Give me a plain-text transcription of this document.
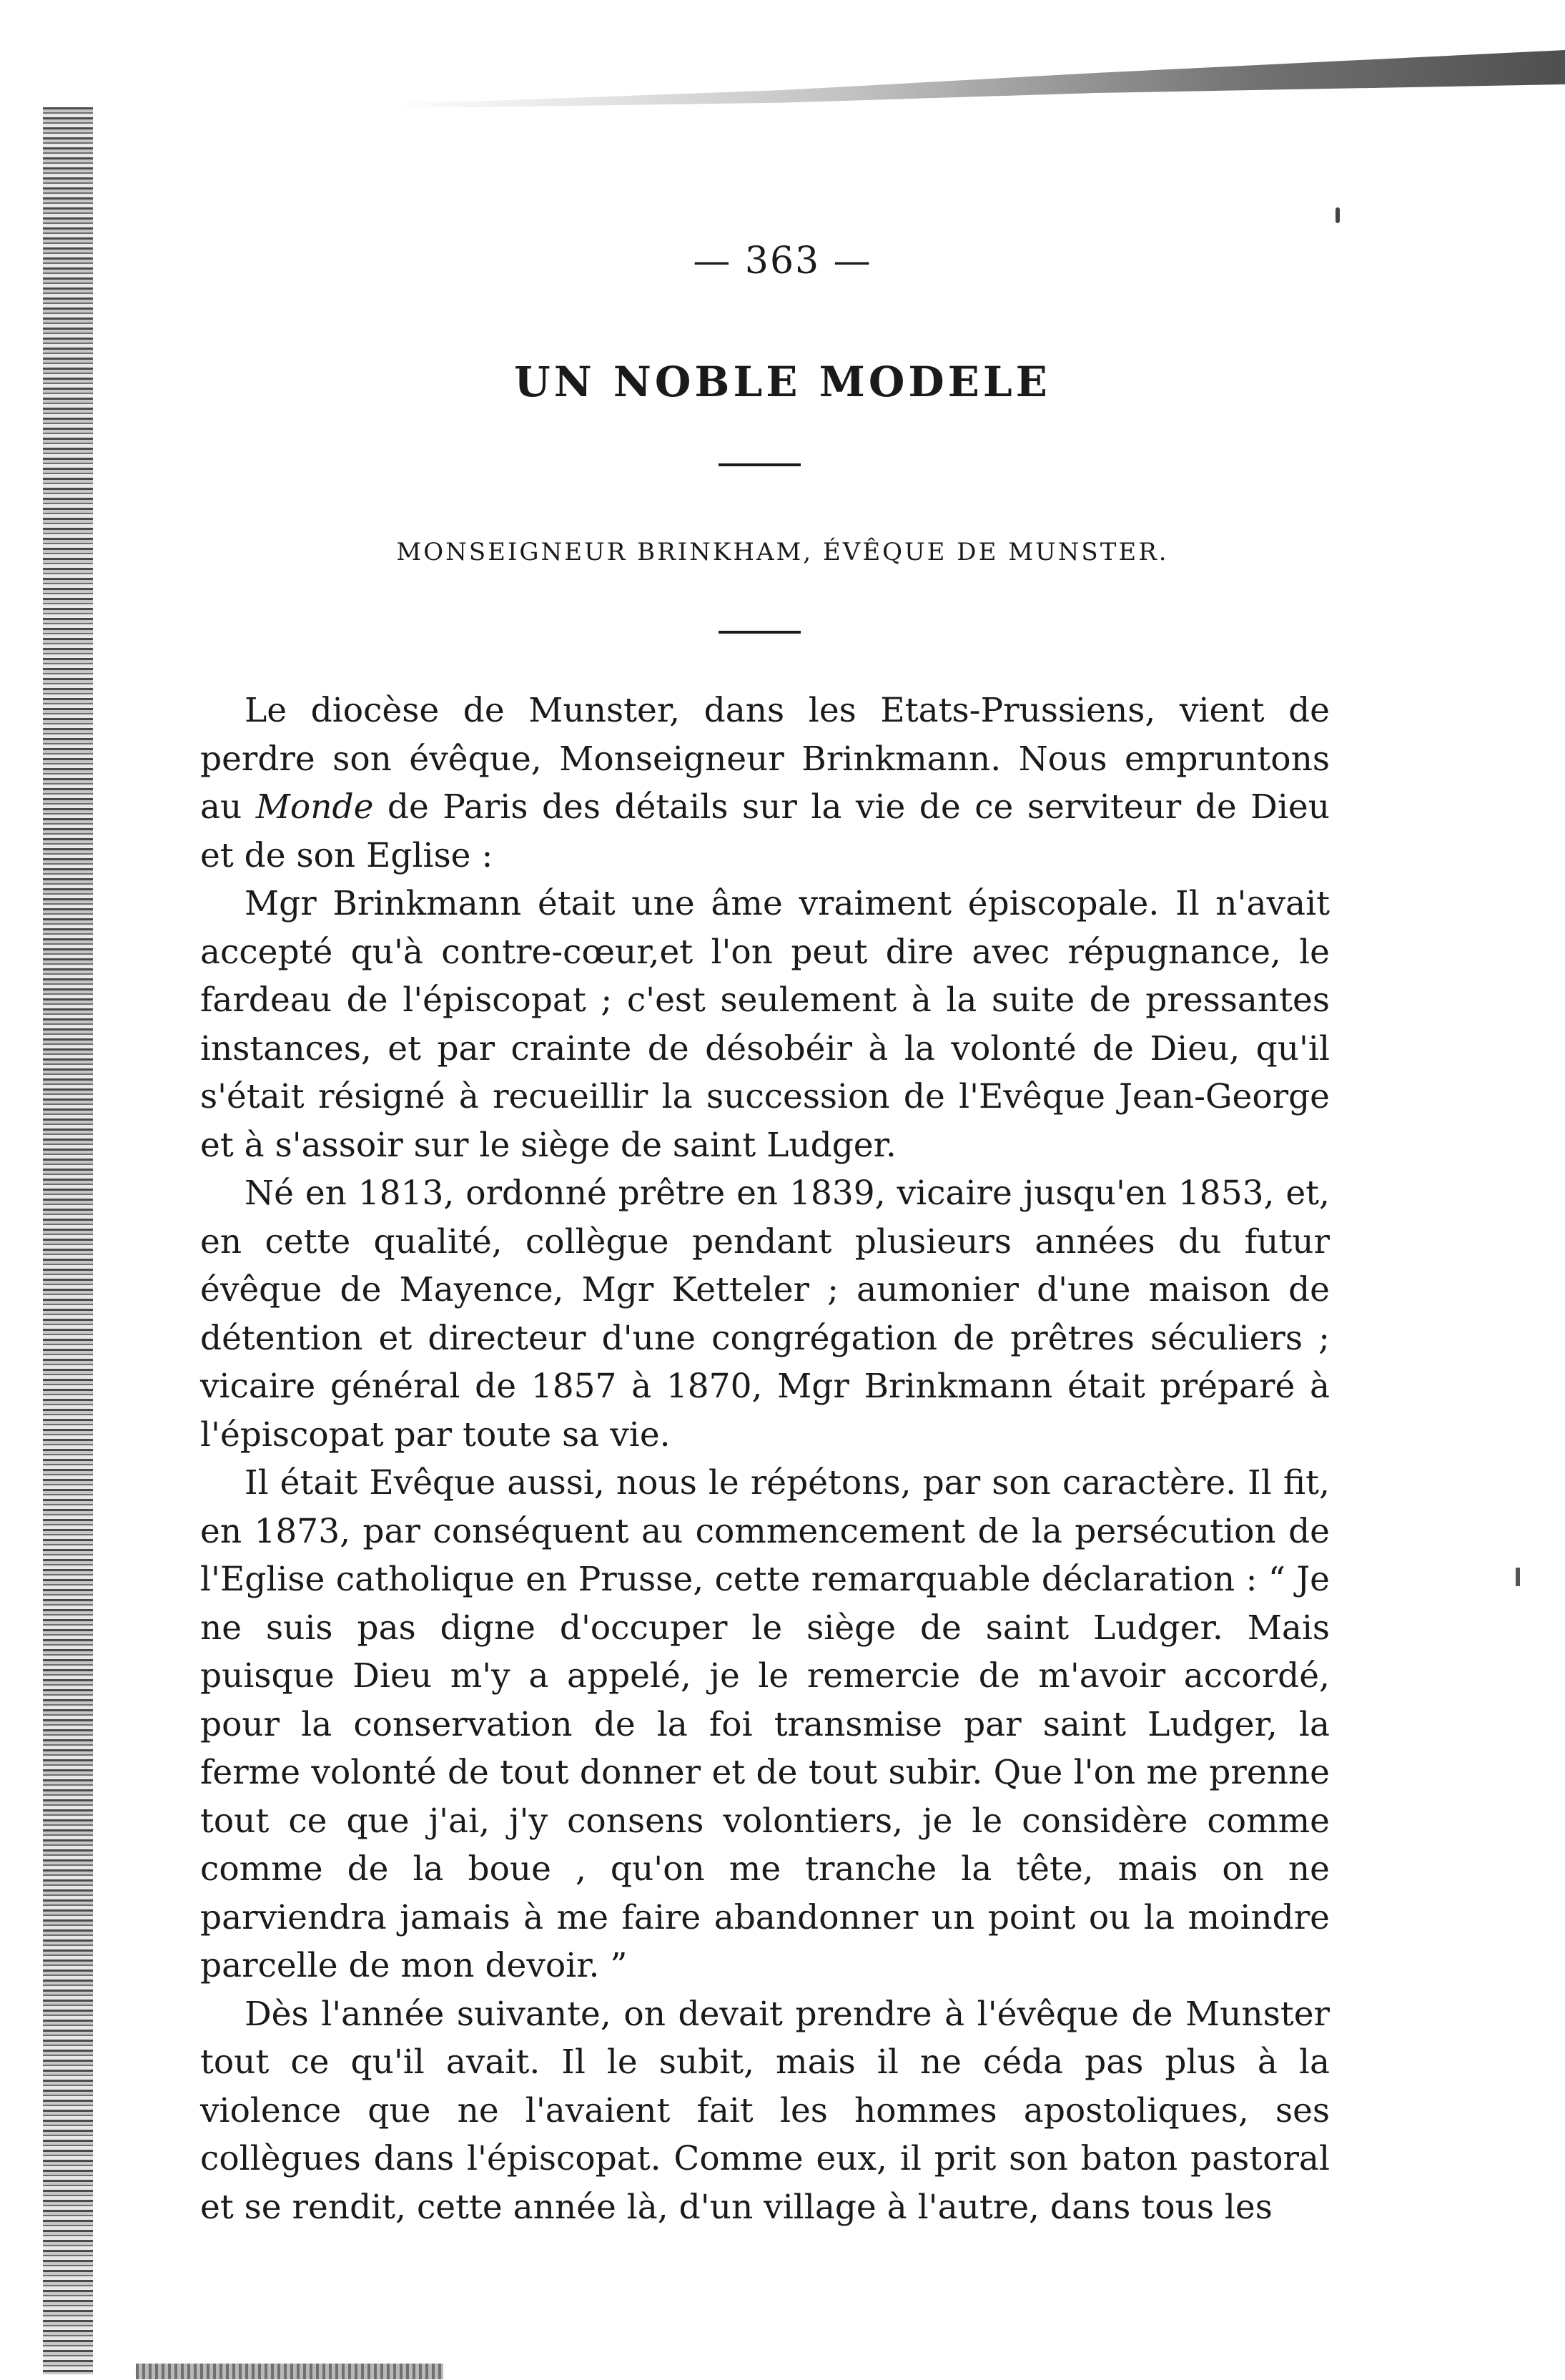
— 363 —
UN NOBLE MODELE
MONSEIGNEUR BRINKHAM, ÉVÊQUE DE MUNSTER.

Le diocèse de Munster, dans les Etats-Prussiens, vient de perdre son évêque, Monseigneur Brinkmann. Nous empruntons au Monde de Paris des détails sur la vie de ce serviteur de Dieu et de son Eglise :

Mgr Brinkmann était une âme vraiment épiscopale. Il n'avait accepté qu'à contre-cœur,et l'on peut dire avec répugnance, le fardeau de l'épiscopat ; c'est seulement à la suite de pressantes instances, et par crainte de désobéir à la volonté de Dieu, qu'il s'était résigné à recueillir la succession de l'Evêque Jean-George et à s'assoir sur le siège de saint Ludger.

Né en 1813, ordonné prêtre en 1839, vicaire jusqu'en 1853, et, en cette qualité, collègue pendant plusieurs années du futur évêque de Mayence, Mgr Ketteler ; aumonier d'une maison de détention et directeur d'une congrégation de prêtres séculiers ; vicaire général de 1857 à 1870, Mgr Brinkmann était préparé à l'épiscopat par toute sa vie.

Il était Evêque aussi, nous le répétons, par son caractère. Il fit, en 1873, par conséquent au commencement de la persécution de l'Eglise catholique en Prusse, cette remarquable déclaration : “ Je ne suis pas digne d'occuper le siège de saint Ludger. Mais puisque Dieu m'y a appelé, je le remercie de m'avoir accordé, pour la conservation de la foi transmise par saint Ludger, la ferme volonté de tout donner et de tout subir. Que l'on me prenne tout ce que j'ai, j'y consens volontiers, je le considère comme comme de la boue , qu'on me tranche la tête, mais on ne parviendra jamais à me faire abandonner un point ou la moindre parcelle de mon devoir. ”

Dès l'année suivante, on devait prendre à l'évêque de Munster tout ce qu'il avait. Il le subit, mais il ne céda pas plus à la violence que ne l'avaient fait les hommes apostoliques, ses collègues dans l'épiscopat. Comme eux, il prit son baton pastoral et se rendit, cette année là, d'un village à l'autre, dans tous les
